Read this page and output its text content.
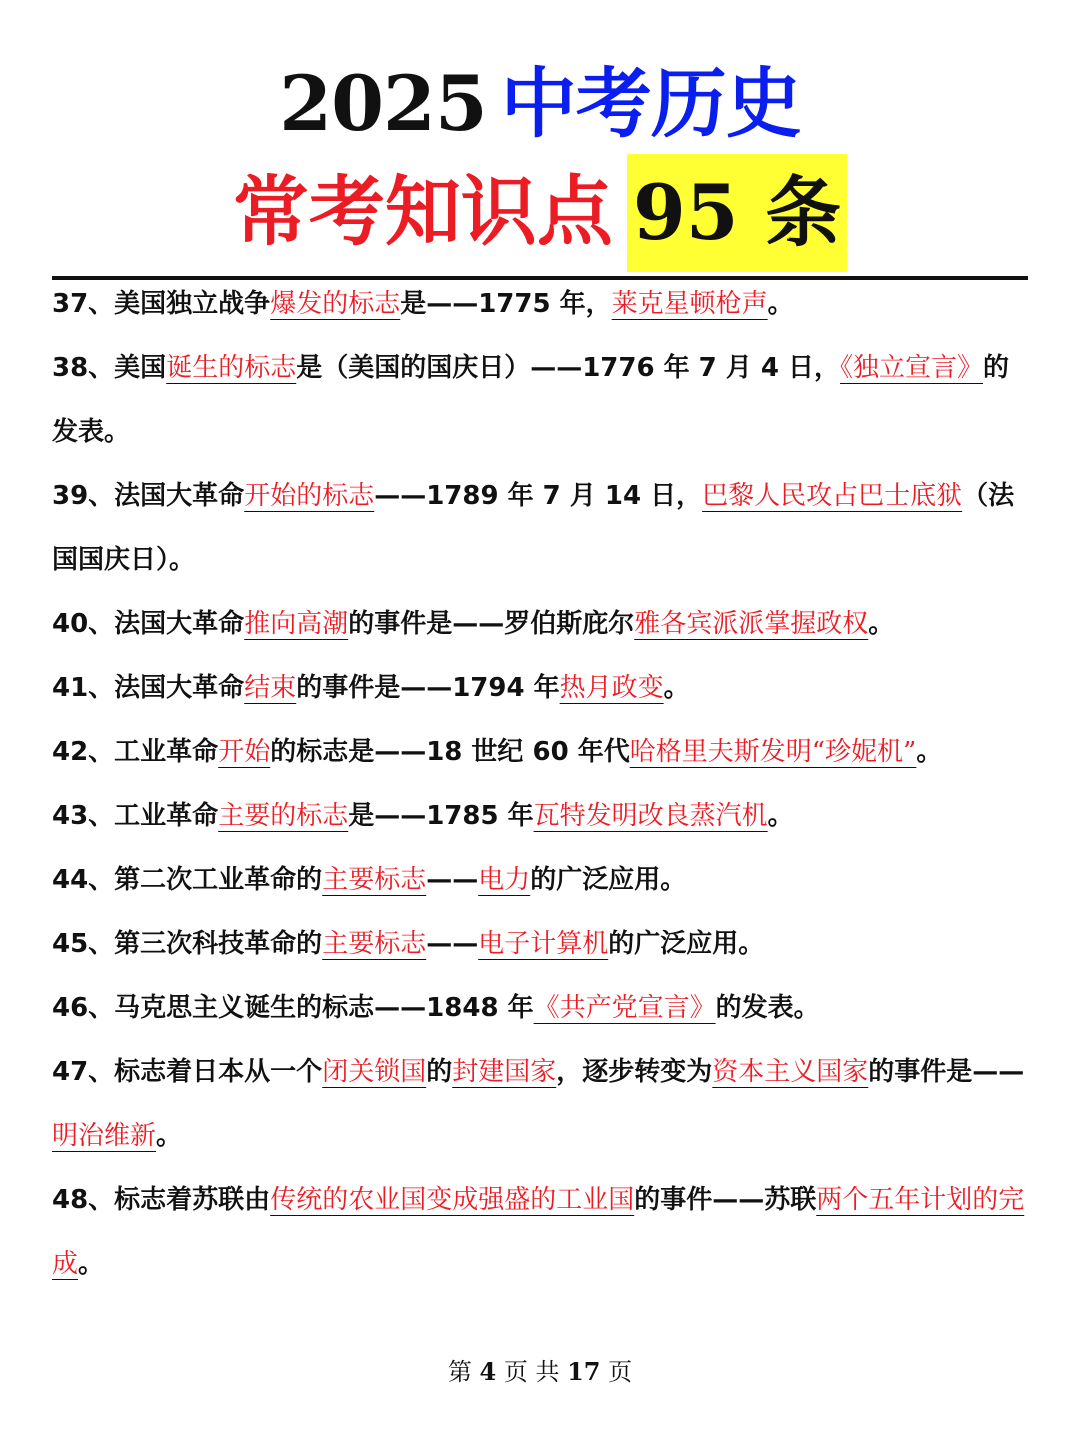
2025 中考历史
常考知识点 95 条

37、美国独立战争爆发的标志是——1775 年，莱克星顿枪声。

38、美国诞生的标志是（美国的国庆日）——1776 年 7 月 4 日，《独立宣言》的发表。

39、法国大革命开始的标志——1789 年 7 月 14 日，巴黎人民攻占巴士底狱（法国国庆日）。

40、法国大革命推向高潮的事件是——罗伯斯庇尔雅各宾派派掌握政权。

41、法国大革命结束的事件是——1794 年热月政变。

42、工业革命开始的标志是——18 世纪 60 年代哈格里夫斯发明“珍妮机”。

43、工业革命主要的标志是——1785 年瓦特发明改良蒸汽机。

44、第二次工业革命的主要标志——电力的广泛应用。

45、第三次科技革命的主要标志——电子计算机的广泛应用。

46、马克思主义诞生的标志——1848 年《共产党宣言》的发表。

47、标志着日本从一个闭关锁国的封建国家，逐步转变为资本主义国家的事件是——明治维新。

48、标志着苏联由传统的农业国变成强盛的工业国的事件——苏联两个五年计划的完成。

第 4 页 共 17 页
